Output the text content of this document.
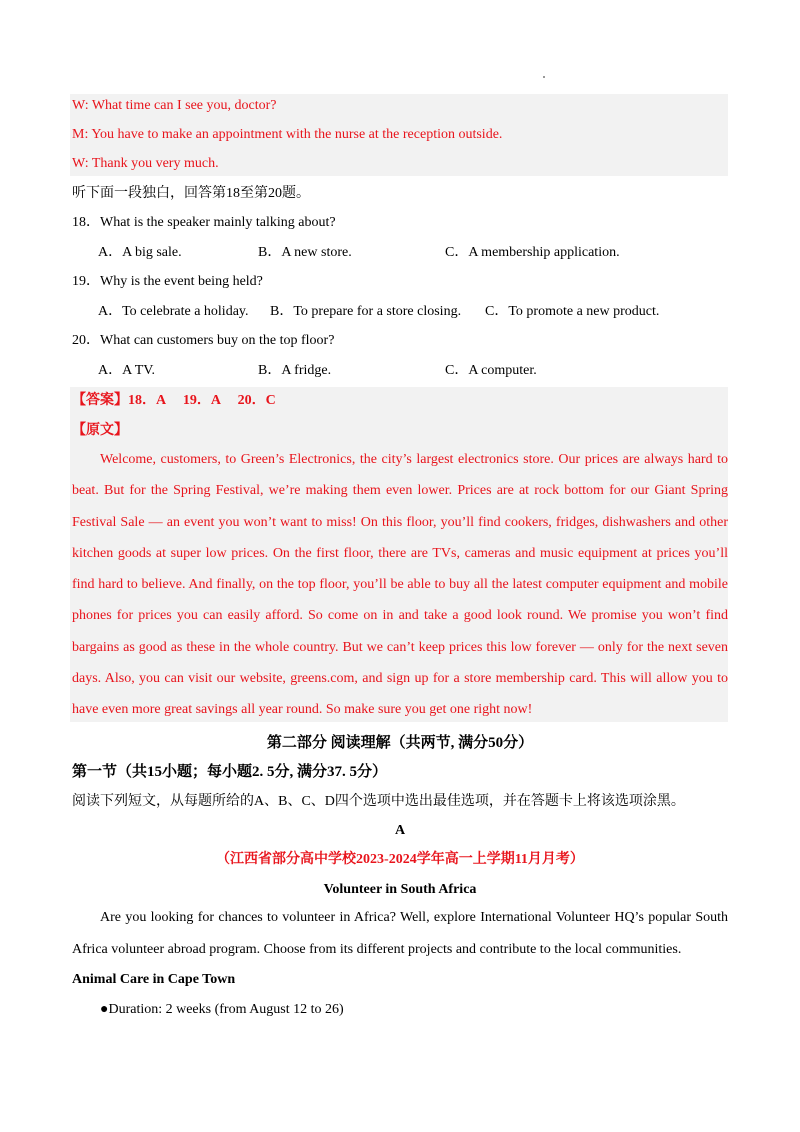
W: What time can I see you, doctor?
M: You have to make an appointment with the nurse at the reception outside.
W: Thank you very much.
听下面一段独白，回答第18至第20题。
18．What is the speaker mainly talking about?
A．A big sale.	B．A new store.	C．A membership application.
19．Why is the event being held?
A．To celebrate a holiday. B．To prepare for a store closing. C．To promote a new product.
20．What can customers buy on the top floor?
A．A TV.	B．A fridge.	C．A computer.
【答案】18．A　 19．A　 20．C
【原文】

Welcome, customers, to Green’s Electronics, the city’s largest electronics store. Our prices are always hard to beat. But for the Spring Festival, we’re making them even lower. Prices are at rock bottom for our Giant Spring Festival Sale — an event you won’t want to miss! On this floor, you’ll find cookers, fridges, dishwashers and other kitchen goods at super low prices. On the first floor, there are TVs, cameras and music equipment at prices you’ll find hard to believe. And finally, on the top floor, you’ll be able to buy all the latest computer equipment and mobile phones for prices you can easily afford. So come on in and take a good look round. We promise you won’t find bargains as good as these in the whole country. But we can’t keep prices this low forever — only for the next seven days. Also, you can visit our website, greens.com, and sign up for a store membership card. This will allow you to have even more great savings all year round. So make sure you get one right now!

第二部分 阅读理解（共两节, 满分50分）
第一节（共15小题；每小题2. 5分, 满分37. 5分）
阅读下列短文，从每题所给的A、B、C、D四个选项中选出最佳选项，并在答题卡上将该选项涂黑。
A
（江西省部分高中学校2023-2024学年高一上学期11月月考）
Volunteer in South Africa

Are you looking for chances to volunteer in Africa? Well, explore International Volunteer HQ’s popular South Africa volunteer abroad program. Choose from its different projects and contribute to the local communities.

Animal Care in Cape Town
●Duration: 2 weeks (from August 12 to 26)
